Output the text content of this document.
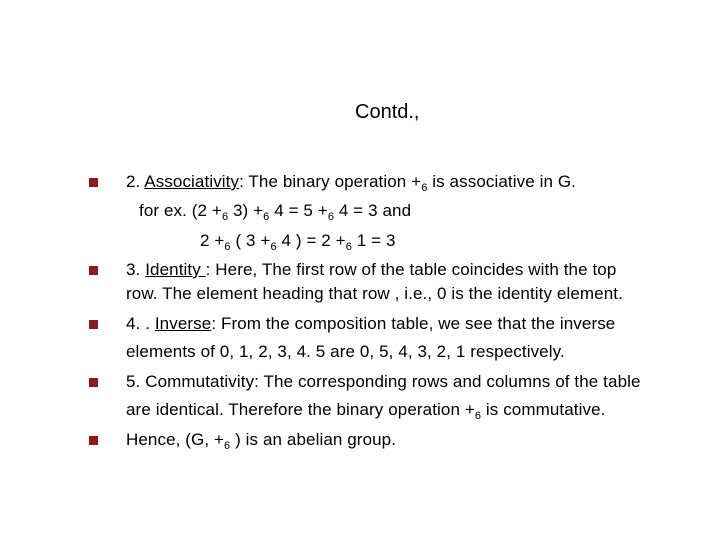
Contd.,
2. Associativity: The binary operation $+_6$ is associative in G.
for ex. ($2 +_6$ $3) +_6$ $4 = 5 +_6$ 4 = 3 and
$2 +_6$ ( $3 +_6$ 4 ) = $2 +_6$ 1 = 3
3. Identity : Here, The first row of the table coincides with the top
row. The element heading that row , i.e., 0 is the identity element.
4. . Inverse: From the composition table, we see that the inverse
elements of 0, 1, 2, 3, 4. 5 are 0, 5, 4, 3, 2, 1 respectively.
5. Commutativity: The corresponding rows and columns of the table
are identical. Therefore the binary operation $+_6$ is commutative.
Hence, (G, $+_6$ ) is an abelian group.
